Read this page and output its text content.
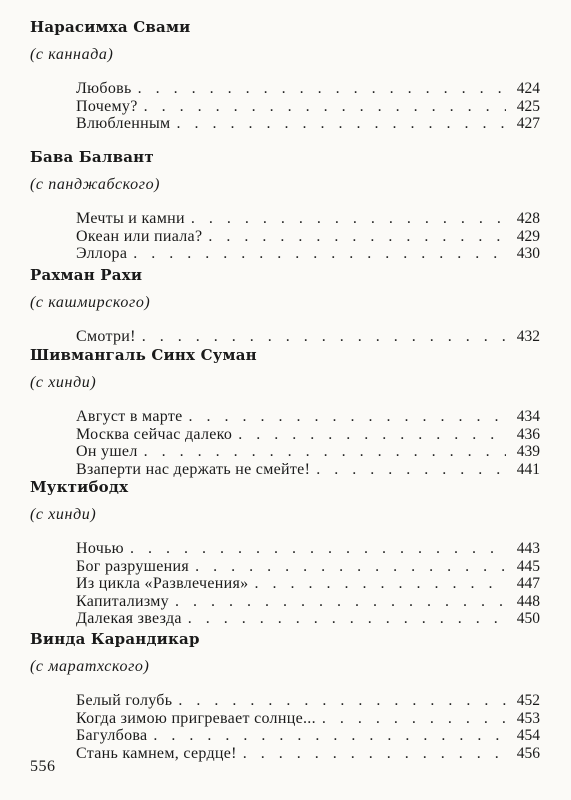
Нарасимха Свами
(с каннада)
Любовь . . .	424
Почему? . . .	425
Влюбленным . . .	427
Бава Балвант
(с панджабского)
Мечты и камни . . .	428
Океан или пиала? . . .	429
Эллора . . .	430
Рахман Рахи
(с кашмирского)
Смотри! . . .	432
Шивмангаль Синх Суман
(с хинди)
Август в марте . . .	434
Москва сейчас далеко . . .	436
Он ушел . . .	439
Взаперти нас держать не смейте! . . .	441
Муктибодх
(с хинди)
Ночью . . .	443
Бог разрушения . . .	445
Из цикла «Развлечения» . . .	447
Капитализму . . .	448
Далекая звезда . . .	450
Винда Карандикар
(с маратхского)
Белый голубь . . .	452
Когда зимою пригревает солнце... . . .	453
Багулбова . . .	454
Стань камнем, сердце! . . .	456
556
